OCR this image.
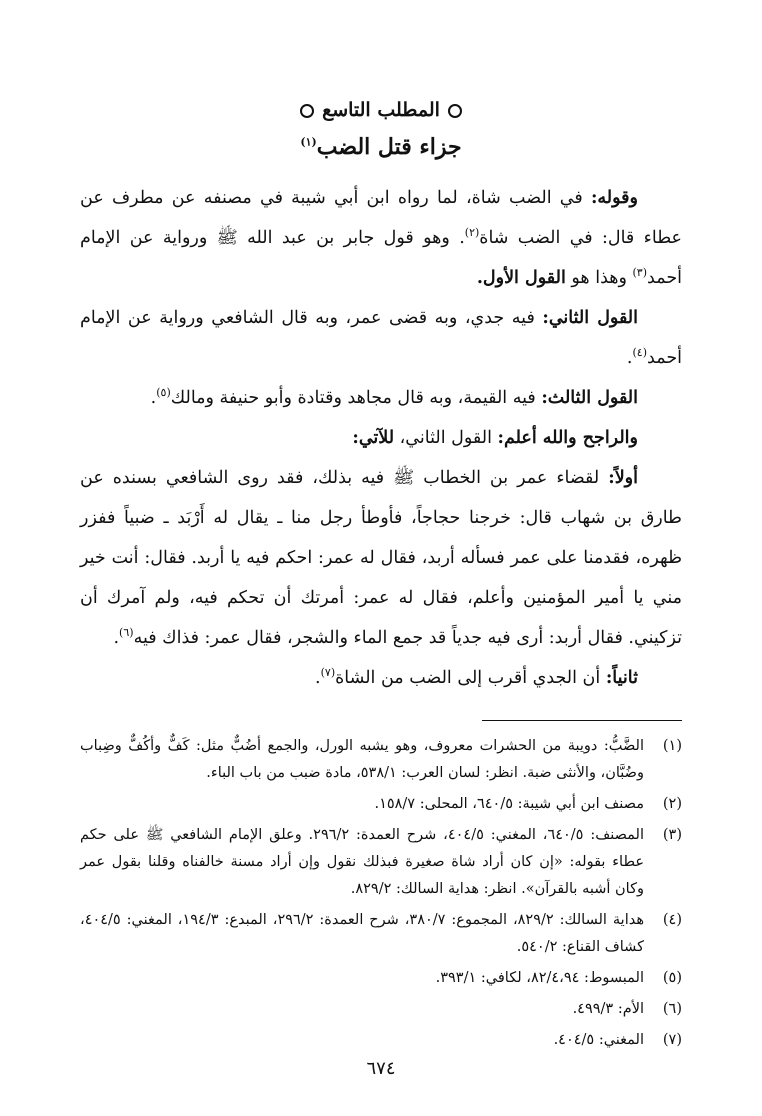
المطلب التاسع
جزاء قتل الضب$^{(١)}$

وقوله: في الضب شاة، لما رواه ابن أبي شيبة في مصنفه عن مطرف عن عطاء قال: في الضب شاة$^{(٢)}$. وهو قول جابر بن عبد الله ﷺ ورواية عن الإمام أحمد$^{(٣)}$ وهذا هو القول الأول.

القول الثاني: فيه جدي، وبه قضى عمر، وبه قال الشافعي ورواية عن الإمام أحمد$^{(٤)}$.

القول الثالث: فيه القيمة، وبه قال مجاهد وقتادة وأبو حنيفة ومالك$^{(٥)}$.

والراجح والله أعلم: القول الثاني، للآتي:

أولاً: لقضاء عمر بن الخطاب ﷺ فيه بذلك، فقد روى الشافعي بسنده عن طارق بن شهاب قال: خرجنا حجاجاً، فأوطأ رجل منا ـ يقال له أَرْبَد ـ ضبياً ففزر ظهره، فقدمنا على عمر فسأله أربد، فقال له عمر: احكم فيه يا أربد. فقال: أنت خير مني يا أمير المؤمنين وأعلم، فقال له عمر: أمرتك أن تحكم فيه، ولم آمرك أن تزكيني. فقال أربد: أرى فيه جدياً قد جمع الماء والشجر، فقال عمر: فذاك فيه$^{(٦)}$.

ثانياً: أن الجدي أقرب إلى الضب من الشاة$^{(٧)}$.

(١)
الضَّبُّ: دويبة من الحشرات معروف، وهو يشبه الورل، والجمع أضُبٌّ مثل: كَفٌّ وأكُفٌّ وضِباب وضُبَّان، والأنثى ضبة. انظر: لسان العرب: ٥٣٨/١، مادة ضبب من باب الباء.
(٢)
مصنف ابن أبي شيبة: ٦٤٠/٥، المحلى: ١٥٨/٧.
(٣)
المصنف: ٦٤٠/٥، المغني: ٤٠٤/٥، شرح العمدة: ٢٩٦/٢. وعلق الإمام الشافعي ﷺ على حكم عطاء بقوله: «إن كان أراد شاة صغيرة فبذلك نقول وإن أراد مسنة خالفناه وقلنا بقول عمر وكان أشبه بالقرآن». انظر: هداية السالك: ٨٢٩/٢.
(٤)
هداية السالك: ٨٢٩/٢، المجموع: ٣٨٠/٧، شرح العمدة: ٢٩٦/٢، المبدع: ١٩٤/٣، المغني: ٤٠٤/٥، كشاف القناع: ٥٤٠/٢.
(٥)
المبسوط: ٨٢/٤،٩٤، لكافي: ٣٩٣/١.
(٦)
الأم: ٤٩٩/٣.
(٧)
المغني: ٤٠٤/٥.
٦٧٤
